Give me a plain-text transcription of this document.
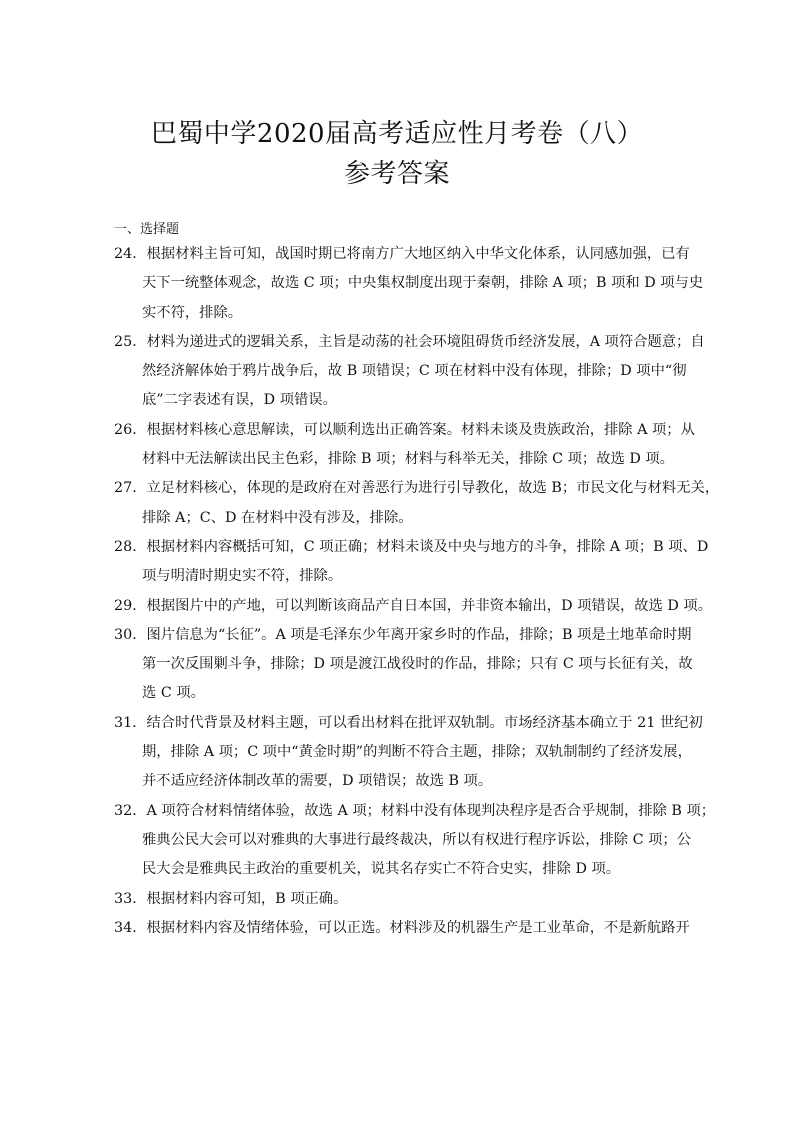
巴蜀中学2020届高考适应性月考卷（八）
参考答案
一、选择题
24．根据材料主旨可知，战国时期已将南方广大地区纳入中华文化体系，认同感加强，已有
天下一统整体观念，故选 C 项；中央集权制度出现于秦朝，排除 A 项；B 项和 D 项与史
实不符，排除。
25．材料为递进式的逻辑关系，主旨是动荡的社会环境阻碍货币经济发展，A 项符合题意；自
然经济解体始于鸦片战争后，故 B 项错误；C 项在材料中没有体现，排除；D 项中“彻
底”二字表述有误，D 项错误。
26．根据材料核心意思解读，可以顺利选出正确答案。材料未谈及贵族政治，排除 A 项；从
材料中无法解读出民主色彩，排除 B 项；材料与科举无关，排除 C 项；故选 D 项。
27．立足材料核心，体现的是政府在对善恶行为进行引导教化，故选 B；市民文化与材料无关，
排除 A；C、D 在材料中没有涉及，排除。
28．根据材料内容概括可知，C 项正确；材料未谈及中央与地方的斗争，排除 A 项；B 项、D
项与明清时期史实不符，排除。
29．根据图片中的产地，可以判断该商品产自日本国，并非资本输出，D 项错误，故选 D 项。
30．图片信息为“长征”。A 项是毛泽东少年离开家乡时的作品，排除；B 项是土地革命时期
第一次反围剿斗争，排除；D 项是渡江战役时的作品，排除；只有 C 项与长征有关，故
选 C 项。
31．结合时代背景及材料主题，可以看出材料在批评双轨制。市场经济基本确立于 21 世纪初
期，排除 A 项；C 项中“黄金时期”的判断不符合主题，排除；双轨制制约了经济发展，
并不适应经济体制改革的需要，D 项错误；故选 B 项。
32．A 项符合材料情绪体验，故选 A 项；材料中没有体现判决程序是否合乎规制，排除 B 项；
雅典公民大会可以对雅典的大事进行最终裁决，所以有权进行程序诉讼，排除 C 项；公
民大会是雅典民主政治的重要机关，说其名存实亡不符合史实，排除 D 项。
33．根据材料内容可知，B 项正确。
34．根据材料内容及情绪体验，可以正选。材料涉及的机器生产是工业革命，不是新航路开
